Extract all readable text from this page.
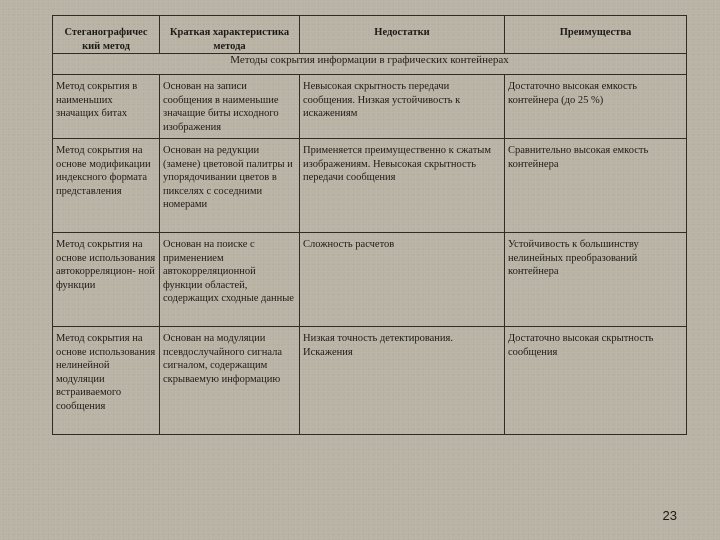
Стеганографичес кий метод	Краткая характеристика метода	Недостатки	Преимущества
Методы сокрытия информации в графических контейнерах			
Метод сокрытия в наименьших значащих битах	Основан на записи сообщения в наименьшие значащие биты исходного изображения	Невысокая скрытность передачи сообщения. Низкая устойчивость к искажениям	Достаточно высокая емкость контейнера (до 25 %)
Метод сокрытия на основе модификации индексного формата представления	Основан на редукции (замене) цветовой палитры и упорядочивании цветов в пикселях с соседними номерами	Применяется преимущественно к сжатым изображениям. Невысокая скрытность передачи сообщения	Сравнительно высокая емкость контейнера
Метод сокрытия на основе использования автокорреляцион- ной функции	Основан на поиске с применением автокорреляционной функции областей, содержащих сходные данные	Сложность расчетов	Устойчивость к большинству нелинейных преобразований контейнера
Метод сокрытия на основе использования нелинейной модуляции встраиваемого сообщения	Основан на модуляции псевдослучайного сигнала сигналом, содержащим скрываемую информацию	Низкая точность детектирования. Искажения	Достаточно высокая скрытность сообщения
23
